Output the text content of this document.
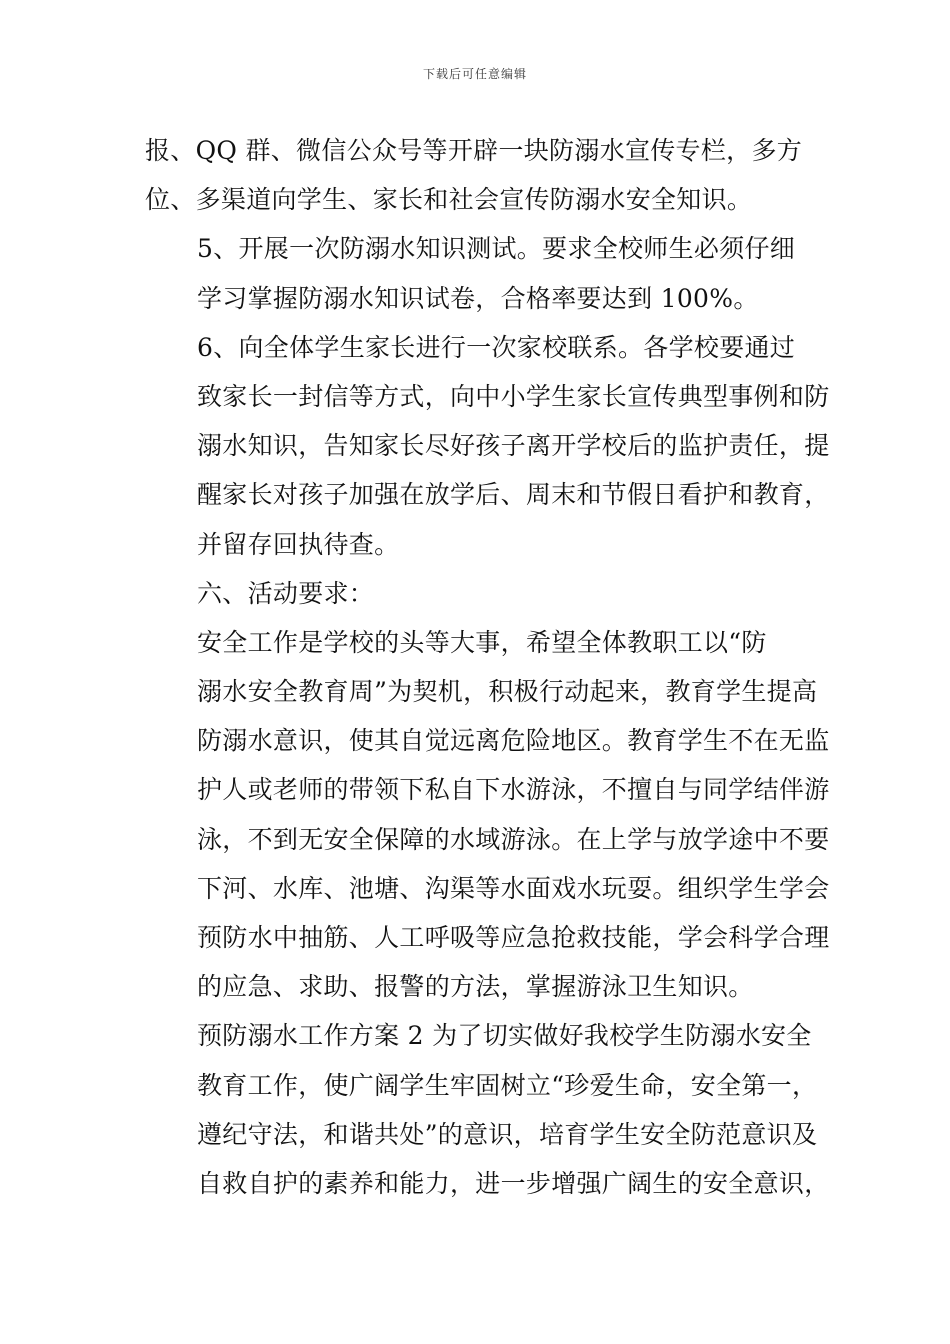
下载后可任意编辑
报、QQ 群、微信公众号等开辟一块防溺水宣传专栏，多方
位、多渠道向学生、家长和社会宣传防溺水安全知识。
5、开展一次防溺水知识测试。要求全校师生必须仔细
学习掌握防溺水知识试卷，合格率要达到 100%。
6、向全体学生家长进行一次家校联系。各学校要通过
致家长一封信等方式，向中小学生家长宣传典型事例和防
溺水知识，告知家长尽好孩子离开学校后的监护责任，提
醒家长对孩子加强在放学后、周末和节假日看护和教育，
并留存回执待查。
六、活动要求：
安全工作是学校的头等大事，希望全体教职工以“防
溺水安全教育周”为契机，积极行动起来，教育学生提高
防溺水意识，使其自觉远离危险地区。教育学生不在无监
护人或老师的带领下私自下水游泳，不擅自与同学结伴游
泳，不到无安全保障的水域游泳。在上学与放学途中不要
下河、水库、池塘、沟渠等水面戏水玩耍。组织学生学会
预防水中抽筋、人工呼吸等应急抢救技能，学会科学合理
的应急、求助、报警的方法，掌握游泳卫生知识。
预防溺水工作方案 2 为了切实做好我校学生防溺水安全
教育工作，使广阔学生牢固树立“珍爱生命，安全第一，
遵纪守法，和谐共处”的意识，培育学生安全防范意识及
自救自护的素养和能力，进一步增强广阔生的安全意识，
